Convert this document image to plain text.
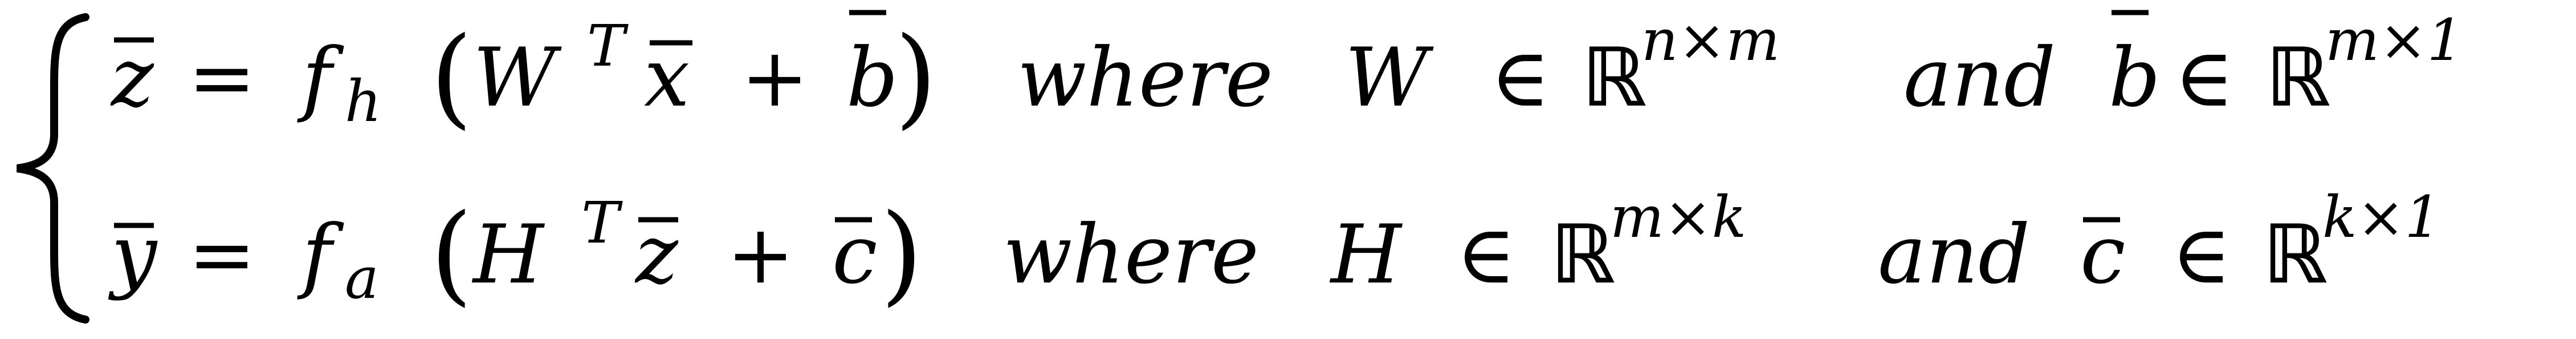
z = f h ( W T x + b
) where W ∈ ℝ
n×m and b ∈ ℝ
m×1
y = f a ( H T z + c ) where H ∈ ℝ
m×k and c ∈ ℝ
k×1
